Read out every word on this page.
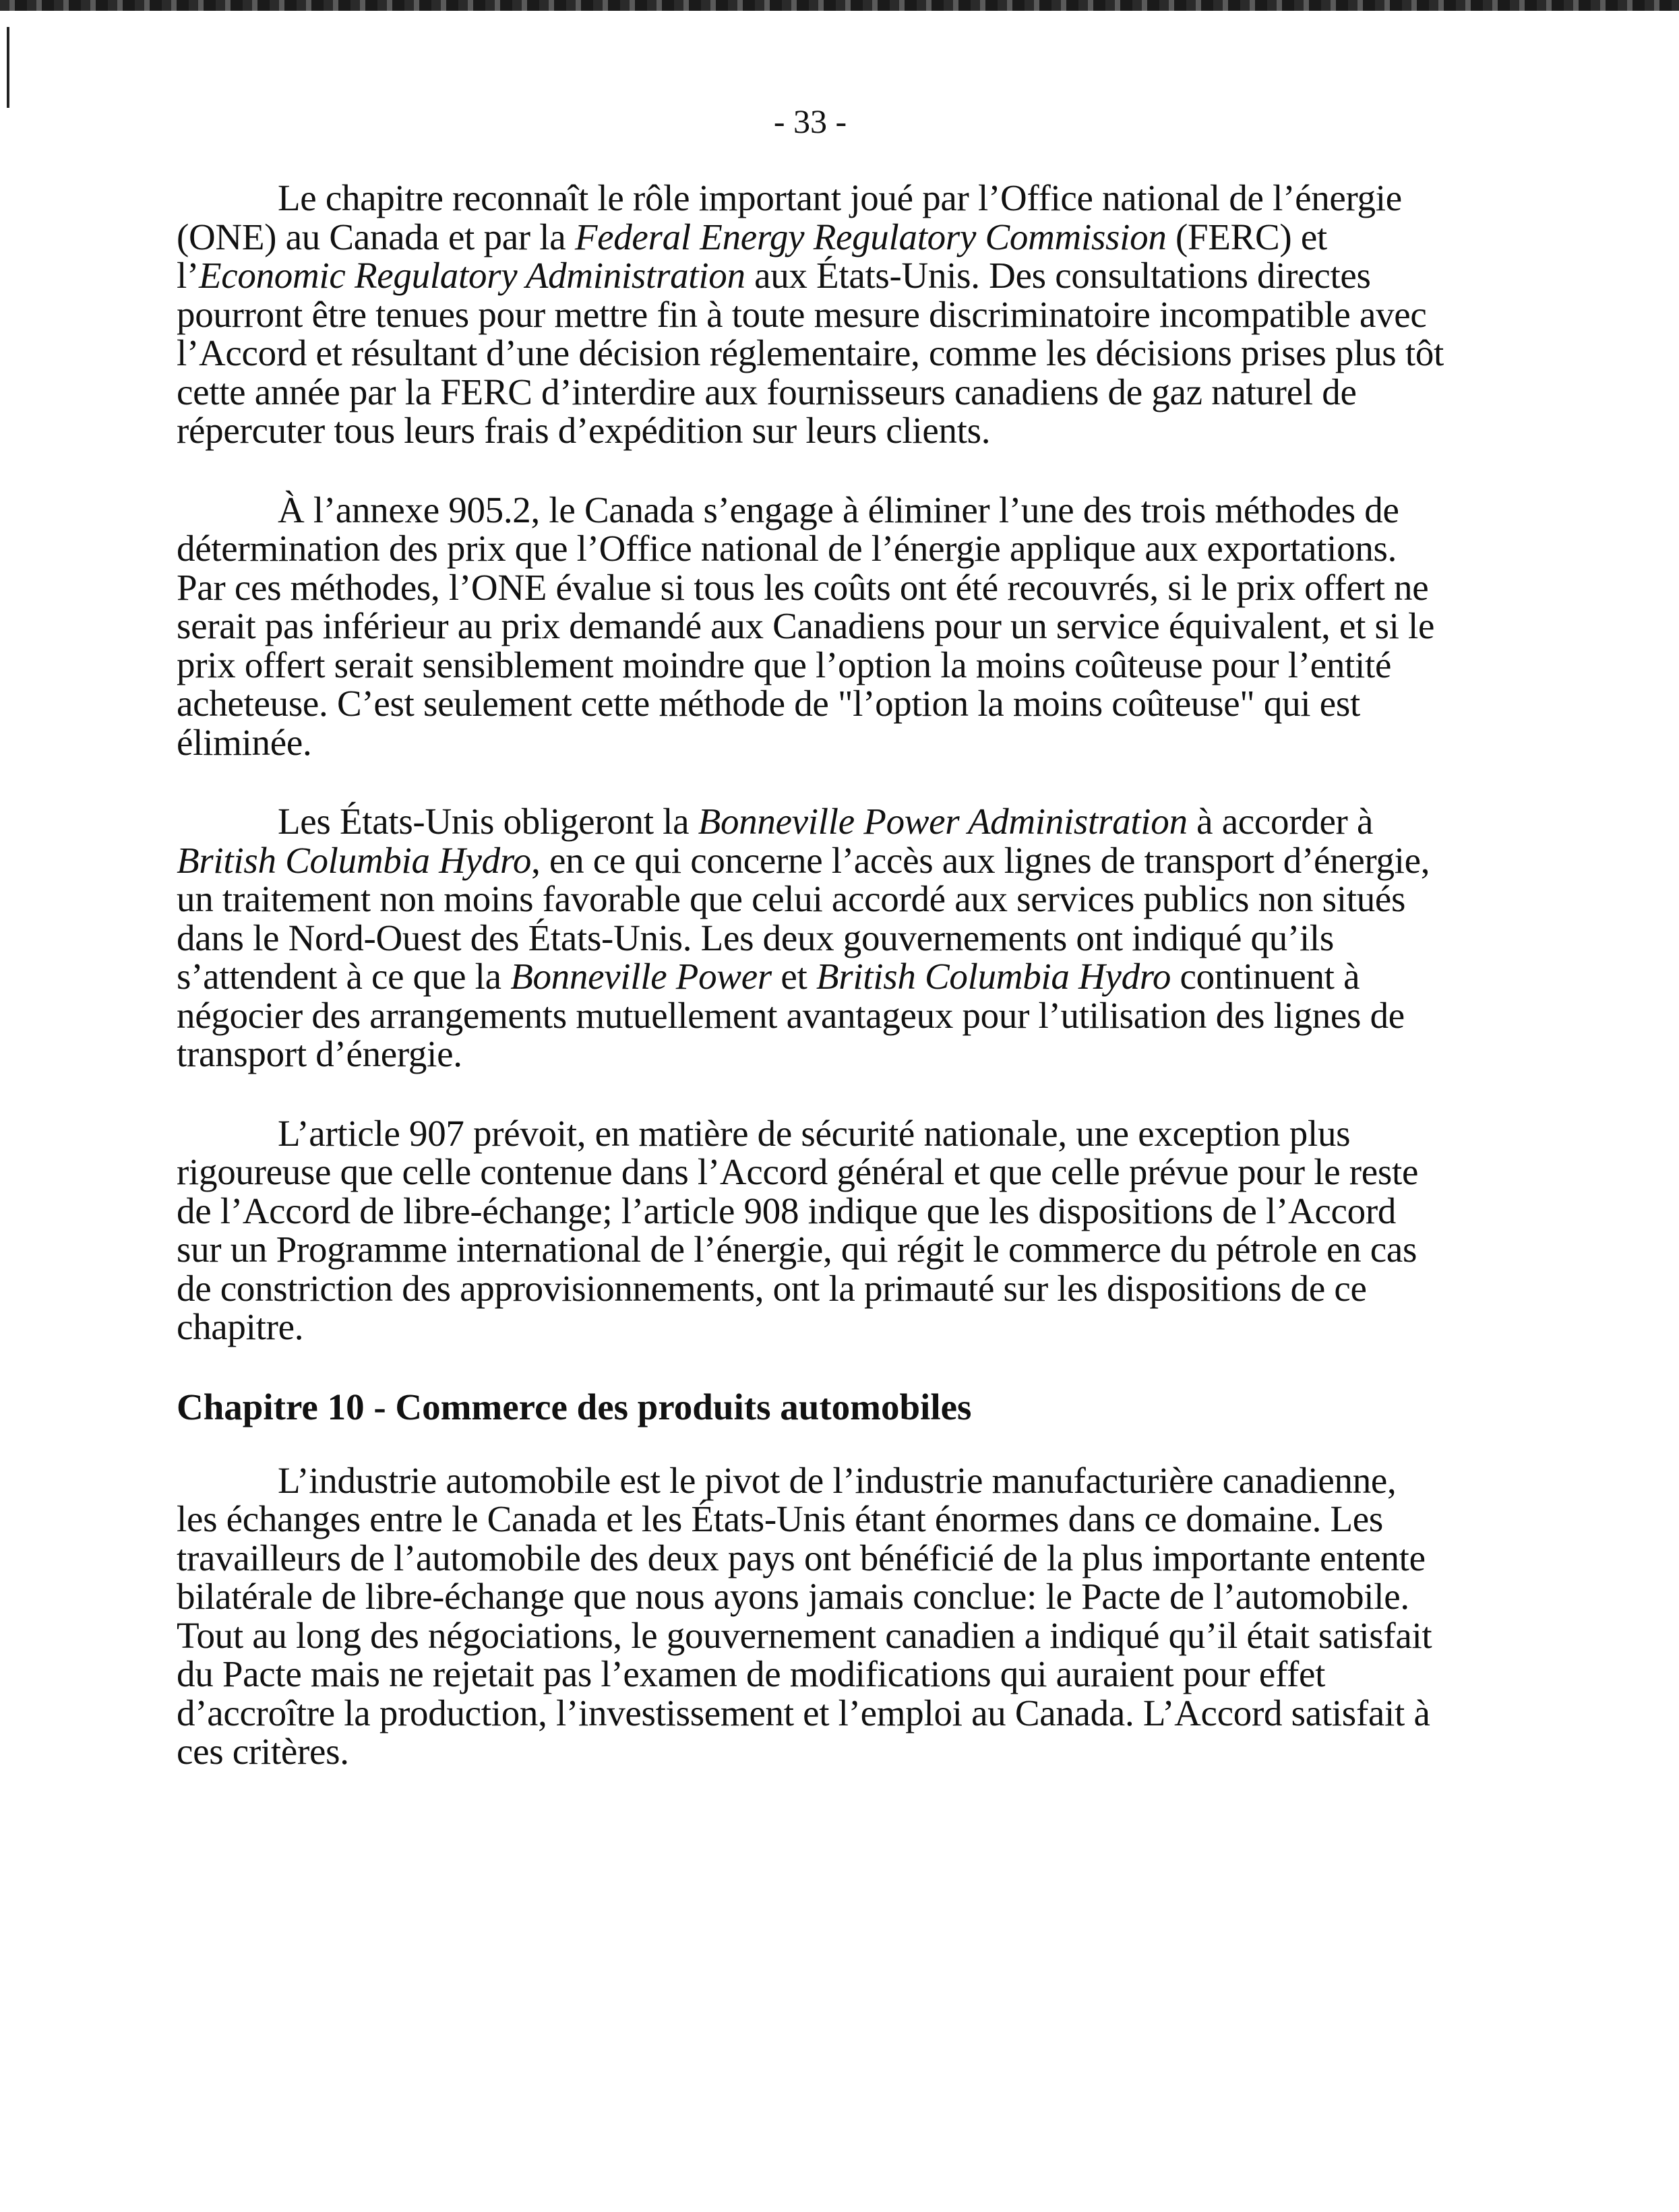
- 33 -

Le chapitre reconnaît le rôle important joué par l’Office national de l’énergie (ONE) au Canada et par la Federal Energy Regulatory Commission (FERC) et l’Economic Regulatory Administration aux États-Unis. Des consultations directes pourront être tenues pour mettre fin à toute mesure discriminatoire incompatible avec l’Accord et résultant d’une décision réglementaire, comme les décisions prises plus tôt cette année par la FERC d’interdire aux fournisseurs canadiens de gaz naturel de répercuter tous leurs frais d’expédition sur leurs clients.

À l’annexe 905.2, le Canada s’engage à éliminer l’une des trois méthodes de détermination des prix que l’Office national de l’énergie applique aux exportations. Par ces méthodes, l’ONE évalue si tous les coûts ont été recouvrés, si le prix offert ne serait pas inférieur au prix demandé aux Canadiens pour un service équivalent, et si le prix offert serait sensiblement moindre que l’option la moins coûteuse pour l’entité acheteuse. C’est seulement cette méthode de "l’option la moins coûteuse" qui est éliminée.

Les États-Unis obligeront la Bonneville Power Administration à accorder à British Columbia Hydro, en ce qui concerne l’accès aux lignes de transport d’énergie, un traitement non moins favorable que celui accordé aux services publics non situés dans le Nord-Ouest des États-Unis. Les deux gouvernements ont indiqué qu’ils s’attendent à ce que la Bonneville Power et British Columbia Hydro continuent à négocier des arrangements mutuellement avantageux pour l’utilisation des lignes de transport d’énergie.

L’article 907 prévoit, en matière de sécurité nationale, une exception plus rigoureuse que celle contenue dans l’Accord général et que celle prévue pour le reste de l’Accord de libre-échange; l’article 908 indique que les dispositions de l’Accord sur un Programme international de l’énergie, qui régit le commerce du pétrole en cas de constriction des approvisionnements, ont la primauté sur les dispositions de ce chapitre.

Chapitre 10 - Commerce des produits automobiles

L’industrie automobile est le pivot de l’industrie manufacturière canadienne, les échanges entre le Canada et les États-Unis étant énormes dans ce domaine. Les travailleurs de l’automobile des deux pays ont bénéficié de la plus importante entente bilatérale de libre-échange que nous ayons jamais conclue: le Pacte de l’automobile. Tout au long des négociations, le gouvernement canadien a indiqué qu’il était satisfait du Pacte mais ne rejetait pas l’examen de modifications qui auraient pour effet d’accroître la production, l’investissement et l’emploi au Canada. L’Accord satisfait à ces critères.
